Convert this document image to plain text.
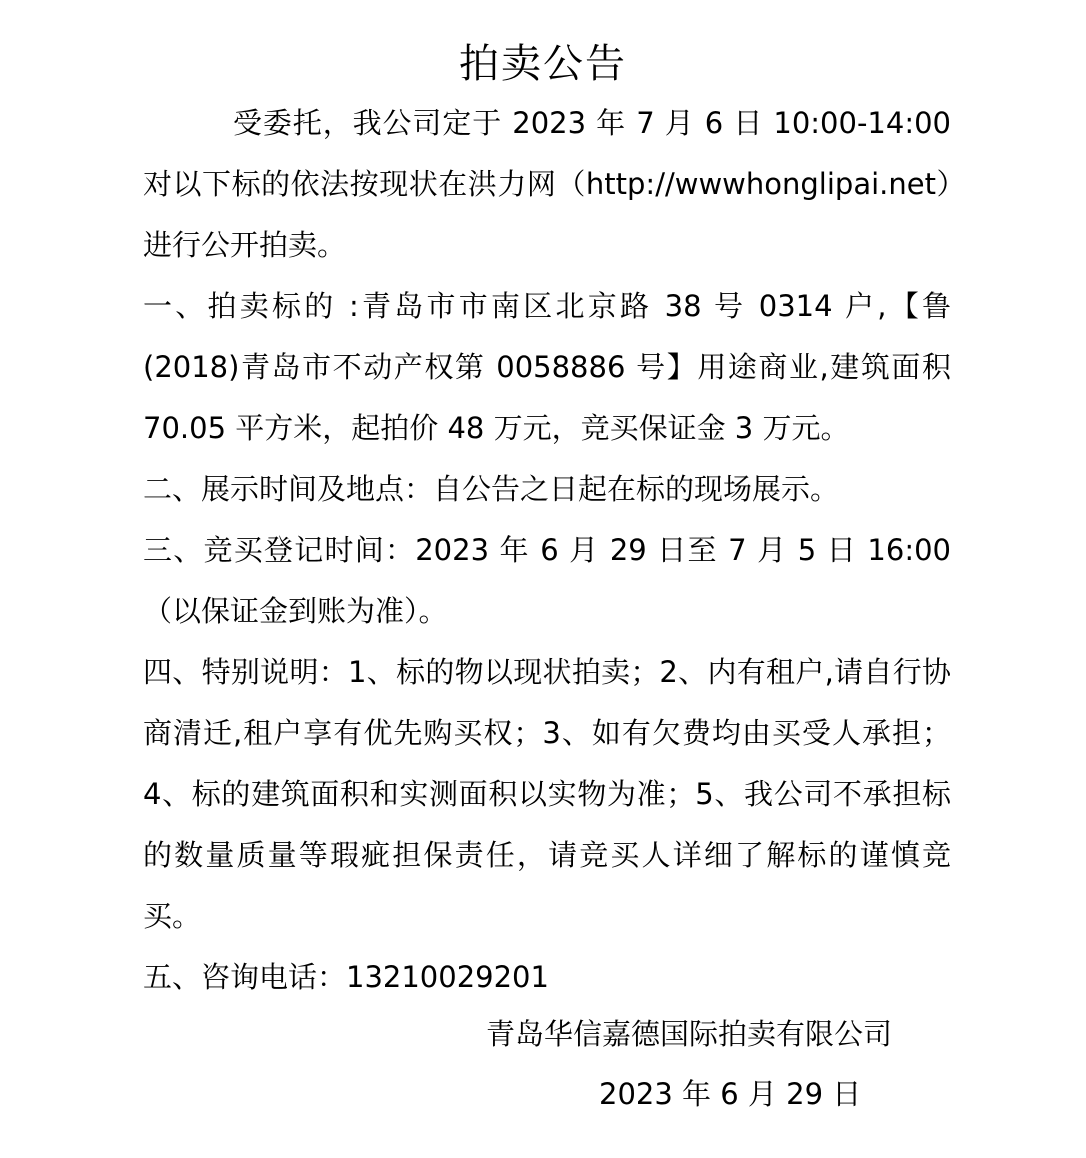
拍卖公告

受委托，我公司定于 2023 年 7 月 6 日 10:00-14:00 对以下标的依法按现状在洪力网（http://wwwhonglipai.net）进行公开拍卖。

一、拍卖标的 :青岛市市南区北京路 38 号 0314 户,【鲁(2018)青岛市不动产权第 0058886 号】用途商业,建筑面积 70.05 平方米，起拍价 48 万元，竞买保证金 3 万元。

二、展示时间及地点：自公告之日起在标的现场展示。

三、竞买登记时间：2023 年 6 月 29 日至 7 月 5 日 16:00（以保证金到账为准）。

四、特别说明：1、标的物以现状拍卖；2、内有租户,请自行协商清迁,租户享有优先购买权；3、如有欠费均由买受人承担；4、标的建筑面积和实测面积以实物为准；5、我公司不承担标的数量质量等瑕疵担保责任，请竞买人详细了解标的谨慎竞买。

五、咨询电话：13210029201

青岛华信嘉德国际拍卖有限公司
2023 年 6 月 29 日
